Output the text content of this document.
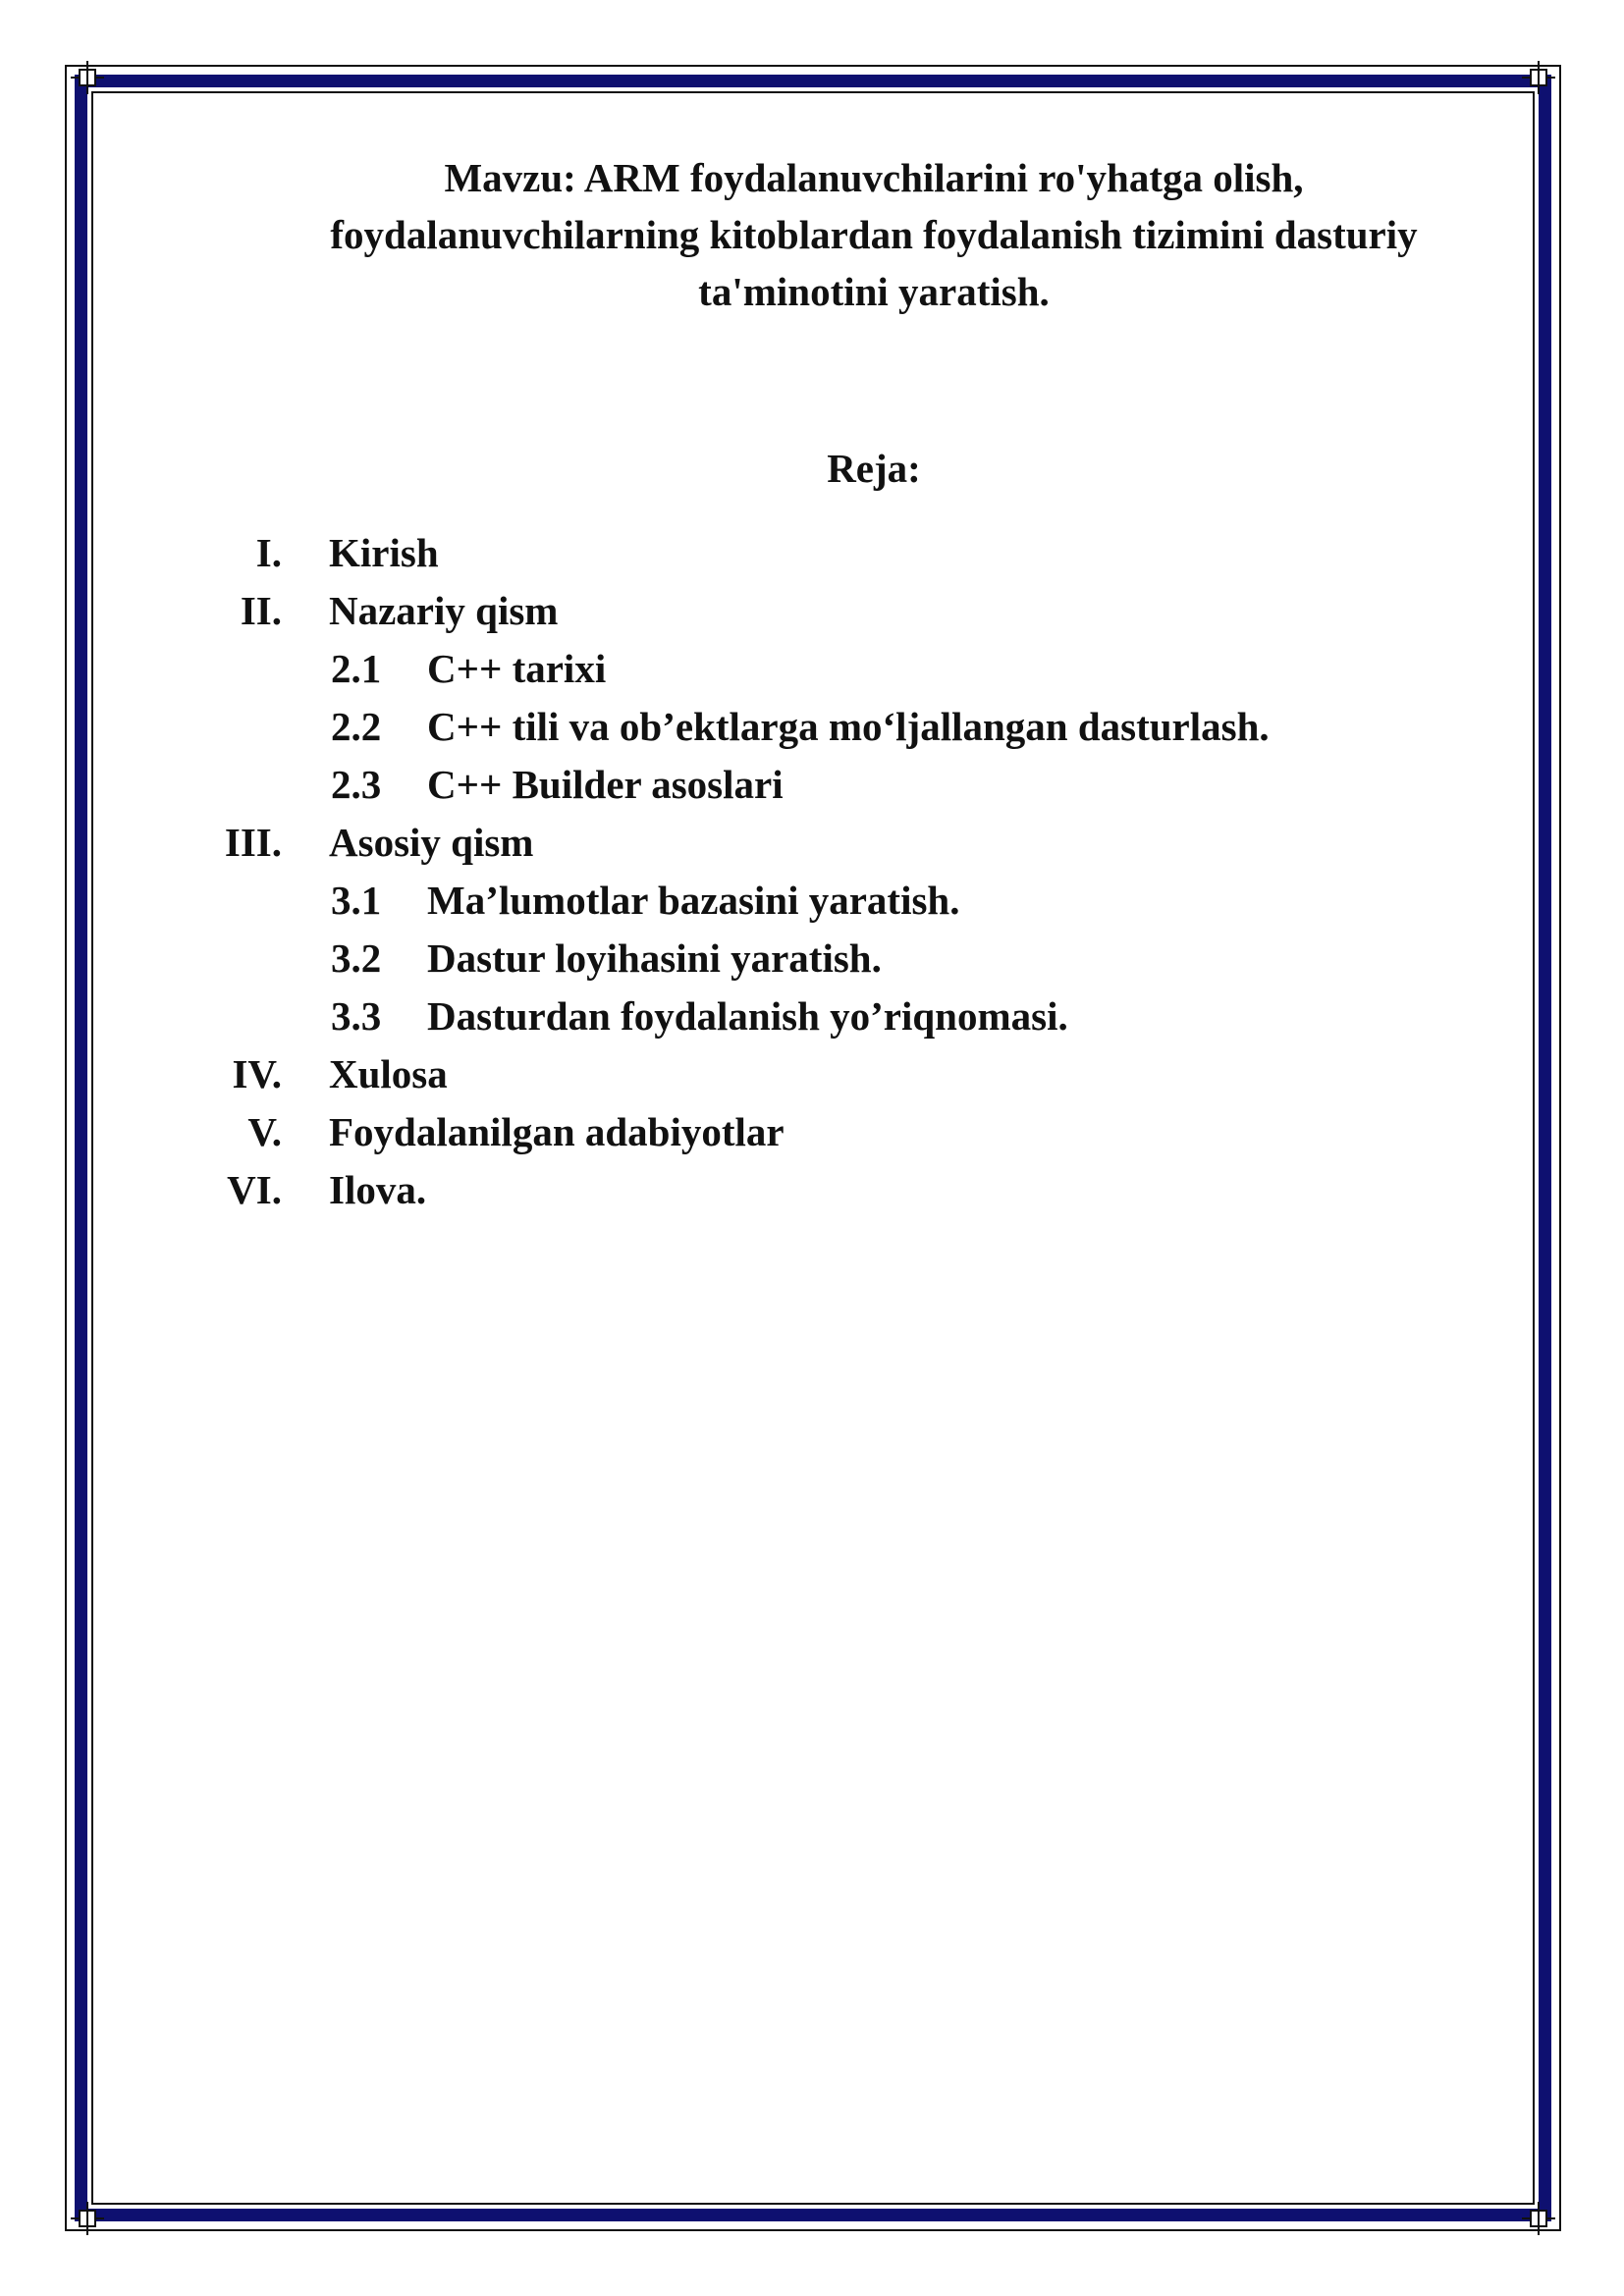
Mavzu: ARM foydalanuvchilarini ro'yhatga olish,
foydalanuvchilarning kitoblardan foydalanish tizimini dasturiy
ta'minotini yaratish.
Reja:
I. Kirish
II. Nazariy qism
2.1 C++ tarixi
2.2 C++ tili va ob’ektlarga mo‘ljallangan dasturlash.
2.3 C++ Builder asoslari
III. Asosiy qism
3.1 Ma’lumotlar bazasini yaratish.
3.2 Dastur loyihasini yaratish.
3.3 Dasturdan foydalanish yo’riqnomasi.
IV. Xulosa
V. Foydalanilgan adabiyotlar
VI. Ilova.
